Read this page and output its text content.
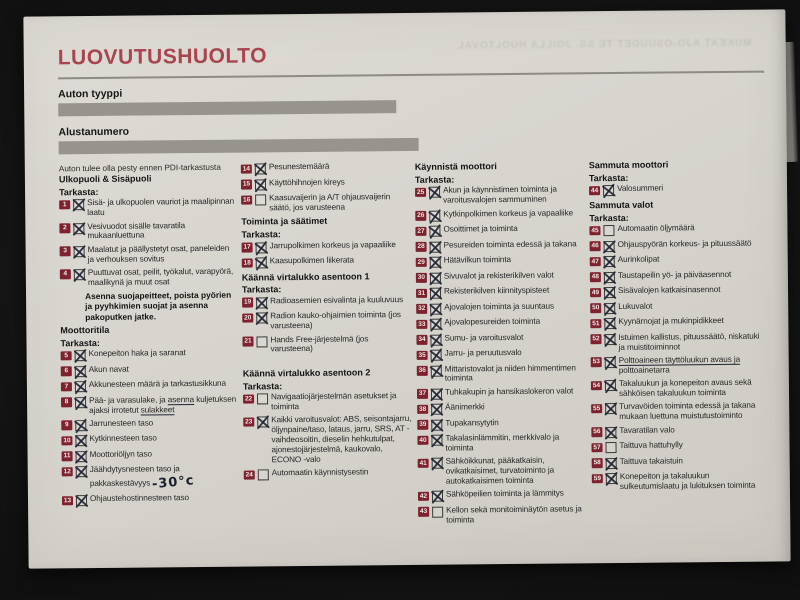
MUKEAT AJO-OSUUDET TE SS. JOILLA HUOLTOVAL
LUOVUTUSHUOLTO
Auton tyyppi
Alustanumero
Auton tulee olla pesty ennen PDI-tarkastusta
Ulkopuoli & Sisäpuoli
Tarkasta:
1	Sisä- ja ulkopuolen vauriot ja maalipinnan laatu
2	Vesivuodot sisälle tavaratila mukaanluettuna
3	Maalatut ja päällystetyt osat, paneleiden ja verhouksen sovitus
4	Puuttuvat osat, peilit, työkalut, varapyörä, maalikynä ja muut osat
Asenna suojapeitteet, poista pyörien ja pyyhkimien suojat ja asenna pakoputken jatke.
Moottoritila
Tarkasta:
5	Konepeiton haka ja saranat
6	Akun navat
7	Akkunesteen määrä ja tarkastusikkuna
8	Pää- ja varasulake, ja asenna kuljetuksen ajaksi irrotetut sulakkeet
9	Jarrunesteen taso
10 Kytkinnesteen taso
11 Moottoriöljyn taso
12 Jäähdytysnesteen taso ja pakkaskestävyys-30°c
13 Ohjaustehostinnesteen taso
14 Pesunestemäärä
15 Käyttöhihnojen kireys
16 Kaasuvaijerin ja A/T ohjausvaijerin säätö, jos varusteena
Toiminta ja säätimet
Tarkasta:
17 Jarrupolkimen korkeus ja vapaaliike
18 Kaasupolkimen liikerata
Käännä virtalukko asentoon 1
Tarkasta:
19 Radioasemien esivalinta ja kuuluvuus
20 Radion kauko-ohjaimien toiminta (jos varusteena)
21 Hands Free-järjestelmä (jos varusteena)
Käännä virtalukko asentoon 2
Tarkasta:
22 Navigaatiojärjestelmän asetukset ja toiminta
23 Kaikki varoitusvalot: ABS, seisontajarru, öljynpaine/taso, lataus, jarru, SRS, AT -vaihdeosoitin, dieselin hehkutulpat, ajonestojärjestelmä, kaukovalo, ECONO -valo
24 Automaatin käynnistysestin
Käynnistä moottori
Tarkasta:
25 Akun ja käynnistimen toiminta ja varoitusvalojen sammuminen
26 Kytkinpolkimen korkeus ja vapaaliike
27 Osoittimet ja toiminta
28 Pesureiden toiminta edessä ja takana
29 Hätävilkun toiminta
30 Sivuvalot ja rekisterikilven valot
31 Rekisterikilven kiinnityspisteet
32 Ajovalojen toiminta ja suuntaus
33 Ajovalopesureiden toiminta
34 Sumu- ja varoitusvalot
35 Jarru- ja peruutusvalo
36 Mittaristovalot ja niiden himmentimen toiminta
37 Tuhkakupin ja hansikaslokeron valot
38 Äänimerkki
39 Tupakansytytin
40 Takalasinlämmitin, merkkivalo ja toiminta
41 Sähköikkunat, pääkatkaisin, ovikatkaisimet, turvatoiminto ja autokatkaisimen toiminta
42 Sähköpeilien toiminta ja lämmitys
43 Kellon sekä monitoiminäytön asetus ja toiminta
Sammuta moottori
Tarkasta:
44 Valosummeri
Sammuta valot
Tarkasta:
45 Automaatin öljymäärä
46 Ohjauspyörän korkeus- ja pituussäätö
47 Aurinkolipat
48 Taustapeilin yö- ja päiväasennot
49 Sisävalojen katkaisinasennot
50 Lukuvalot
51 Kyynärnojat ja mukinpidikkeet
52 Istuimen kallistus, pituussäätö, niskatuki ja muistitoiminnot
53 Polttoaineen täyttöluukun avaus ja polttoainetarra
54 Takaluukun ja konepeiton avaus sekä sähköisen takaluukun toiminta
55 Turvavöiden toiminta edessä ja takana mukaan luettuna muistutustoiminto
56 Tavaratilan valo
57 Taittuva hattuhylly
58 Taittuva takaistuin
59 Konepeiton ja takaluukun sulkeutumislaatu ja lukituksen toiminta
